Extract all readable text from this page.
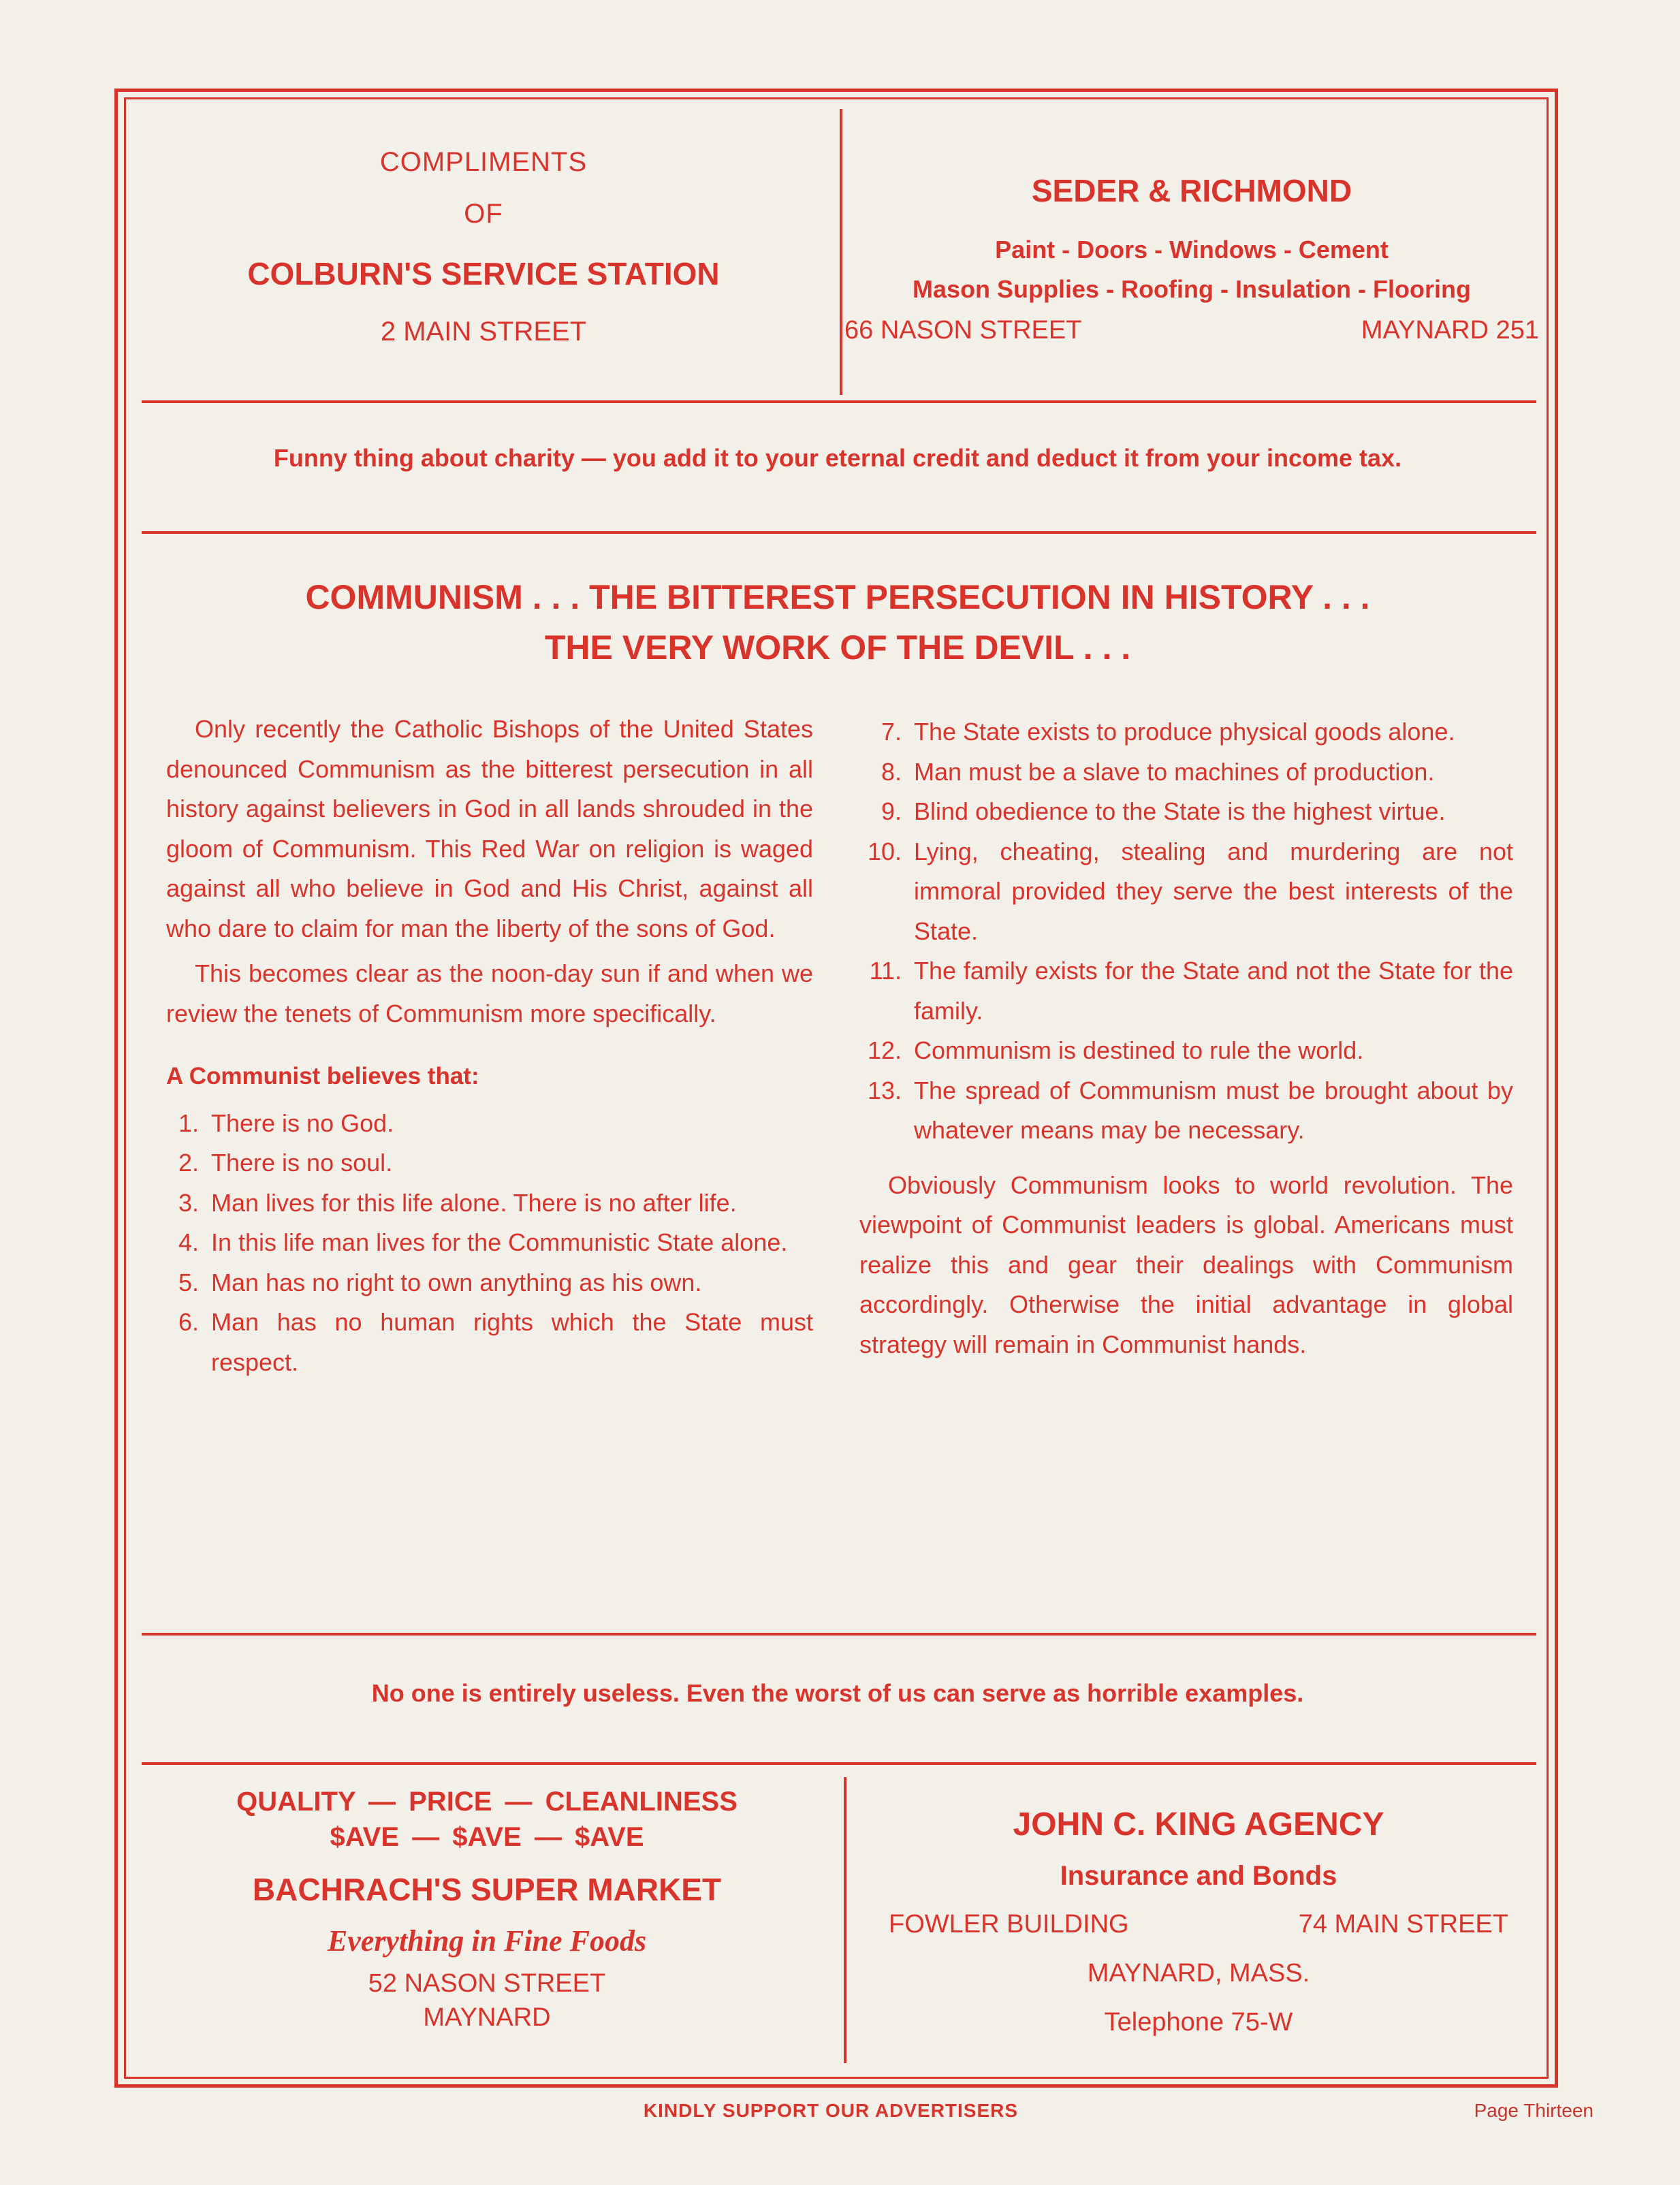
COMPLIMENTS
OF
COLBURN'S SERVICE STATION
2 MAIN STREET
SEDER & RICHMOND
Paint - Doors - Windows - Cement
Mason Supplies - Roofing - Insulation - Flooring
66 NASON STREET	MAYNARD 251
Funny thing about charity — you add it to your eternal credit and deduct it from your income tax.
COMMUNISM . . . THE BITTEREST PERSECUTION IN HISTORY . . .
THE VERY WORK OF THE DEVIL . . .

Only recently the Catholic Bishops of the United States denounced Communism as the bitterest persecution in all history against believers in God in all lands shrouded in the gloom of Communism. This Red War on religion is waged against all who believe in God and His Christ, against all who dare to claim for man the liberty of the sons of God.

This becomes clear as the noon-day sun if and when we review the tenets of Communism more specifically.

A Communist believes that:
1. There is no God.
2. There is no soul.
3. Man lives for this life alone. There is no after life.
4. In this life man lives for the Communistic State alone.
5. Man has no right to own anything as his own.
6. Man has no human rights which the State must respect.
7. The State exists to produce physical goods alone.
8. Man must be a slave to machines of production.
9. Blind obedience to the State is the highest virtue.
10. Lying, cheating, stealing and murdering are not immoral provided they serve the best interests of the State.
11. The family exists for the State and not the State for the family.
12. Communism is destined to rule the world.
13. The spread of Communism must be brought about by whatever means may be necessary.

Obviously Communism looks to world revolution. The viewpoint of Communist leaders is global. Americans must realize this and gear their dealings with Communism accordingly. Otherwise the initial advantage in global strategy will remain in Communist hands.

No one is entirely useless. Even the worst of us can serve as horrible examples.
QUALITY — PRICE — CLEANLINESS
$AVE — $AVE — $AVE
BACHRACH'S SUPER MARKET
Everything in Fine Foods
52 NASON STREET
MAYNARD
JOHN C. KING AGENCY
Insurance and Bonds
FOWLER BUILDING	74 MAIN STREET
MAYNARD, MASS.
Telephone 75-W
KINDLY SUPPORT OUR ADVERTISERS	Page Thirteen
